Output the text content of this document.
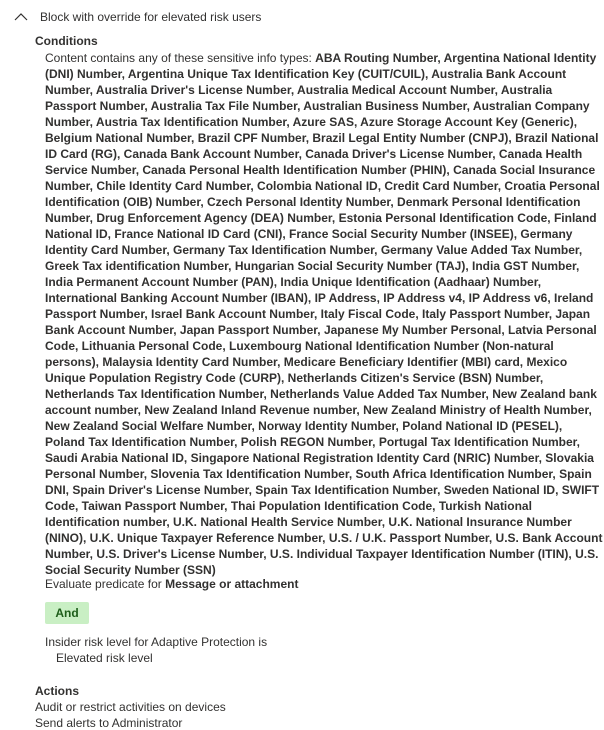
Block with override for elevated risk users
Conditions
Content contains any of these sensitive info types: ABA Routing Number, Argentina National Identity (DNI) Number, Argentina Unique Tax Identification Key (CUIT/CUIL), Australia Bank Account Number, Australia Driver's License Number, Australia Medical Account Number, Australia Passport Number, Australia Tax File Number, Australian Business Number, Australian Company Number, Austria Tax Identification Number, Azure SAS, Azure Storage Account Key (Generic), Belgium National Number, Brazil CPF Number, Brazil Legal Entity Number (CNPJ), Brazil National ID Card (RG), Canada Bank Account Number, Canada Driver's License Number, Canada Health Service Number, Canada Personal Health Identification Number (PHIN), Canada Social Insurance Number, Chile Identity Card Number, Colombia National ID, Credit Card Number, Croatia Personal Identification (OIB) Number, Czech Personal Identity Number, Denmark Personal Identification Number, Drug Enforcement Agency (DEA) Number, Estonia Personal Identification Code, Finland National ID, France National ID Card (CNI), France Social Security Number (INSEE), Germany Identity Card Number, Germany Tax Identification Number, Germany Value Added Tax Number, Greek Tax identification Number, Hungarian Social Security Number (TAJ), India GST Number, India Permanent Account Number (PAN), India Unique Identification (Aadhaar) Number, International Banking Account Number (IBAN), IP Address, IP Address v4, IP Address v6, Ireland Passport Number, Israel Bank Account Number, Italy Fiscal Code, Italy Passport Number, Japan Bank Account Number, Japan Passport Number, Japanese My Number Personal, Latvia Personal Code, Lithuania Personal Code, Luxembourg National Identification Number (Non-natural persons), Malaysia Identity Card Number, Medicare Beneficiary Identifier (MBI) card, Mexico Unique Population Registry Code (CURP), Netherlands Citizen's Service (BSN) Number, Netherlands Tax Identification Number, Netherlands Value Added Tax Number, New Zealand bank account number, New Zealand Inland Revenue number, New Zealand Ministry of Health Number, New Zealand Social Welfare Number, Norway Identity Number, Poland National ID (PESEL), Poland Tax Identification Number, Polish REGON Number, Portugal Tax Identification Number, Saudi Arabia National ID, Singapore National Registration Identity Card (NRIC) Number, Slovakia Personal Number, Slovenia Tax Identification Number, South Africa Identification Number, Spain DNI, Spain Driver's License Number, Spain Tax Identification Number, Sweden National ID, SWIFT Code, Taiwan Passport Number, Thai Population Identification Code, Turkish National Identification number, U.K. National Health Service Number, U.K. National Insurance Number (NINO), U.K. Unique Taxpayer Reference Number, U.S. / U.K. Passport Number, U.S. Bank Account Number, U.S. Driver's License Number, U.S. Individual Taxpayer Identification Number (ITIN), U.S. Social Security Number (SSN)
Evaluate predicate for Message or attachment
And
Insider risk level for Adaptive Protection is
Elevated risk level
Actions
Audit or restrict activities on devices
Send alerts to Administrator
